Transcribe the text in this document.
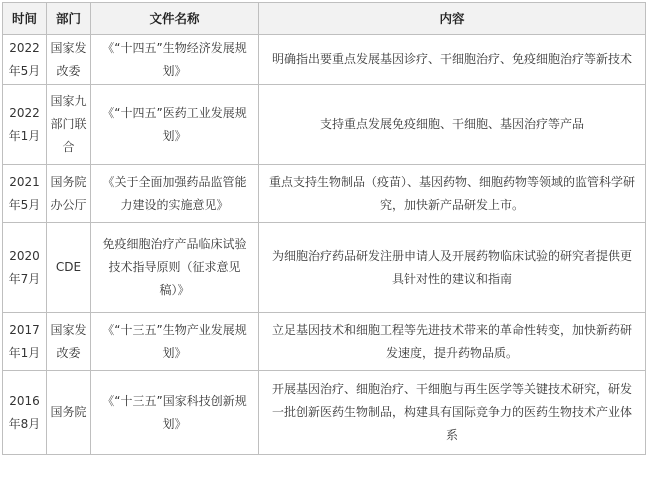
时间	部门	文件名称	内容
2022年5月	国家发改委	《“十四五”生物经济发展规划》	明确指出要重点发展基因诊疗、干细胞治疗、免疫细胞治疗等新技术
2022年1月	国家九部门联合	《“十四五”医药工业发展规划》	支持重点发展免疫细胞、干细胞、基因治疗等产品
2021年5月	国务院办公厅	《关于全面加强药品监管能力建设的实施意见》	重点支持生物制品（疫苗）、基因药物、细胞药物等领域的监管科学研究，加快新产品研发上市。
2020年7月	CDE	免疫细胞治疗产品临床试验技术指导原则（征求意见稿）》	为细胞治疗药品研发注册申请人及开展药物临床试验的研究者提供更具针对性的建议和指南
2017年1月	国家发改委	《“十三五”生物产业发展规划》	立足基因技术和细胞工程等先进技术带来的革命性转变，加快新药研发速度，提升药物品质。
2016年8月	国务院	《“十三五”国家科技创新规划》	开展基因治疗、细胞治疗、干细胞与再生医学等关键技术研究，研发一批创新医药生物制品，构建具有国际竞争力的医药生物技术产业体系
